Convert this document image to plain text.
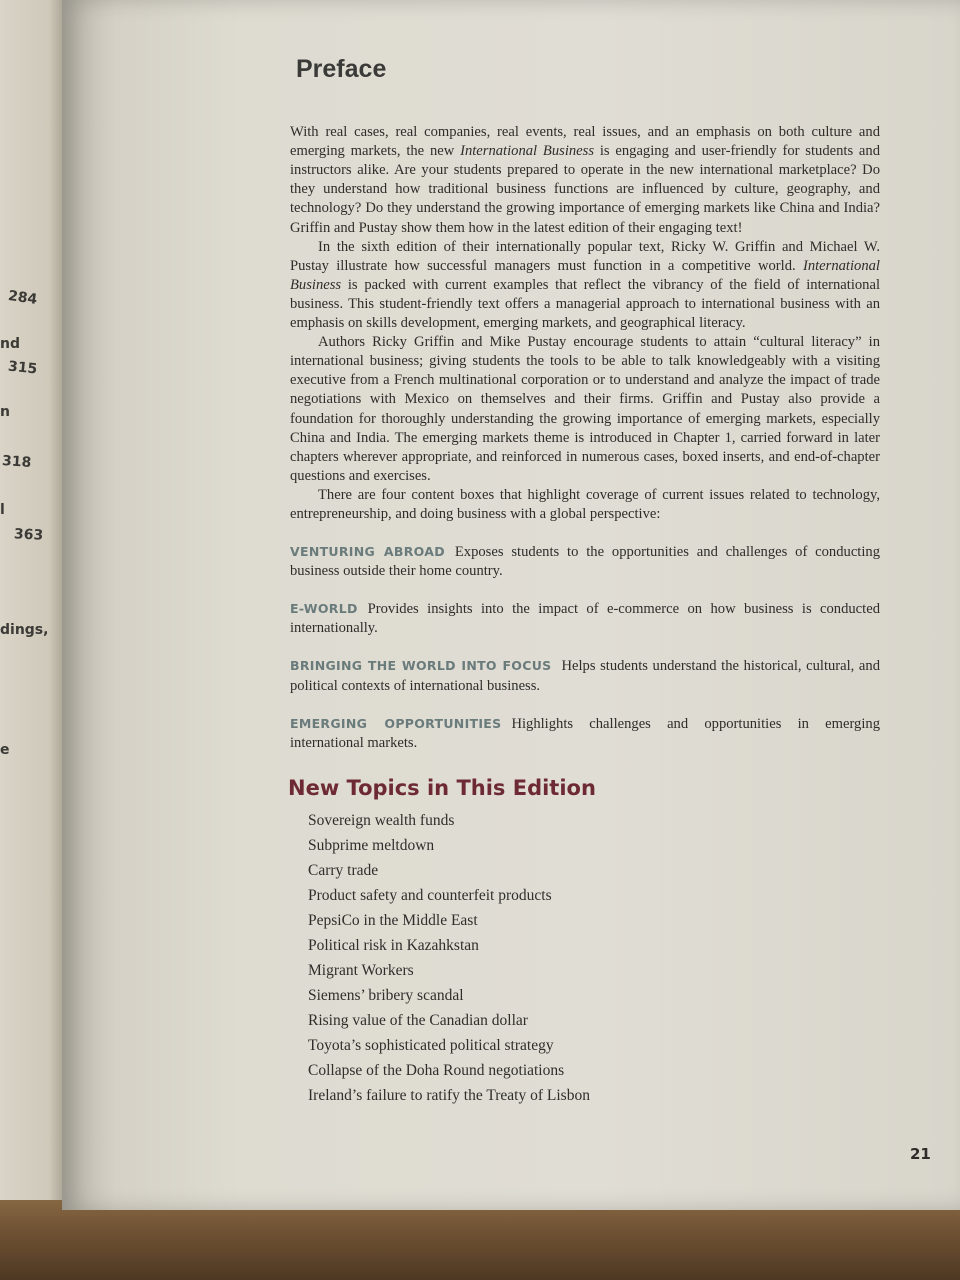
284
nd
315
n
318
l
363
dings,
e
Preface

With real cases, real companies, real events, real issues, and an emphasis on both culture and emerging markets, the new International Business is engaging and user-friendly for students and instructors alike. Are your students prepared to operate in the new international marketplace? Do they understand how traditional business functions are influenced by culture, geography, and technology? Do they understand the growing importance of emerging markets like China and India? Griffin and Pustay show them how in the latest edition of their engaging text!

In the sixth edition of their internationally popular text, Ricky W. Griffin and Michael W. Pustay illustrate how successful managers must function in a competitive world. International Business is packed with current examples that reflect the vibrancy of the field of international business. This student-friendly text offers a managerial approach to international business with an emphasis on skills development, emerging markets, and geographical literacy.

Authors Ricky Griffin and Mike Pustay encourage students to attain “cultural literacy” in international business; giving students the tools to be able to talk knowledgeably with a visiting executive from a French multinational corporation or to understand and analyze the impact of trade negotiations with Mexico on themselves and their firms. Griffin and Pustay also provide a foundation for thoroughly understanding the growing importance of emerging markets, especially China and India. The emerging markets theme is introduced in Chapter 1, carried forward in later chapters wherever appropriate, and reinforced in numerous cases, boxed inserts, and end-of-chapter questions and exercises.

There are four content boxes that highlight coverage of current issues related to technology, entrepreneurship, and doing business with a global perspective:

VENTURING ABROAD Exposes students to the opportunities and challenges of conducting business outside their home country.
E-WORLD Provides insights into the impact of e-commerce on how business is conducted internationally.
BRINGING THE WORLD INTO FOCUS Helps students understand the historical, cultural, and political contexts of international business.
EMERGING OPPORTUNITIES Highlights challenges and opportunities in emerging international markets.
New Topics in This Edition
Sovereign wealth funds
Subprime meltdown
Carry trade
Product safety and counterfeit products
PepsiCo in the Middle East
Political risk in Kazahkstan
Migrant Workers
Siemens’ bribery scandal
Rising value of the Canadian dollar
Toyota’s sophisticated political strategy
Collapse of the Doha Round negotiations
Ireland’s failure to ratify the Treaty of Lisbon
21
